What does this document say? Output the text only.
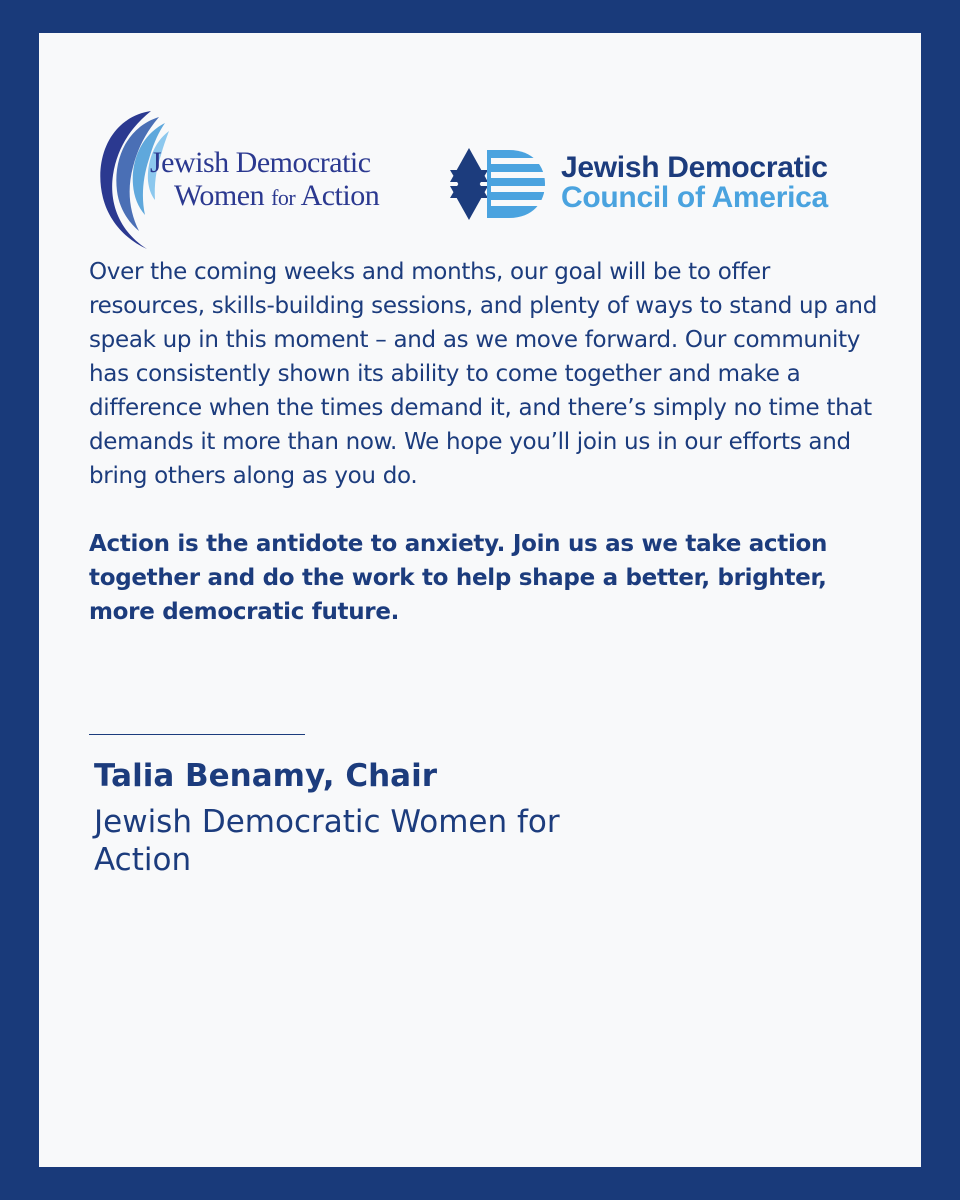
Jewish Democratic
Women for Action
Jewish Democratic
Council of America

Over the coming weeks and months, our goal will be to offer resources, skills-building sessions, and plenty of ways to stand up and speak up in this moment – and as we move forward. Our community has consistently shown its ability to come together and make a difference when the times demand it, and there’s simply no time that demands it more than now. We hope you’ll join us in our efforts and bring others along as you do.

Action is the antidote to anxiety. Join us as we take action together and do the work to help shape a better, brighter, more democratic future.

Talia Benamy, Chair
Jewish Democratic Women for Action
